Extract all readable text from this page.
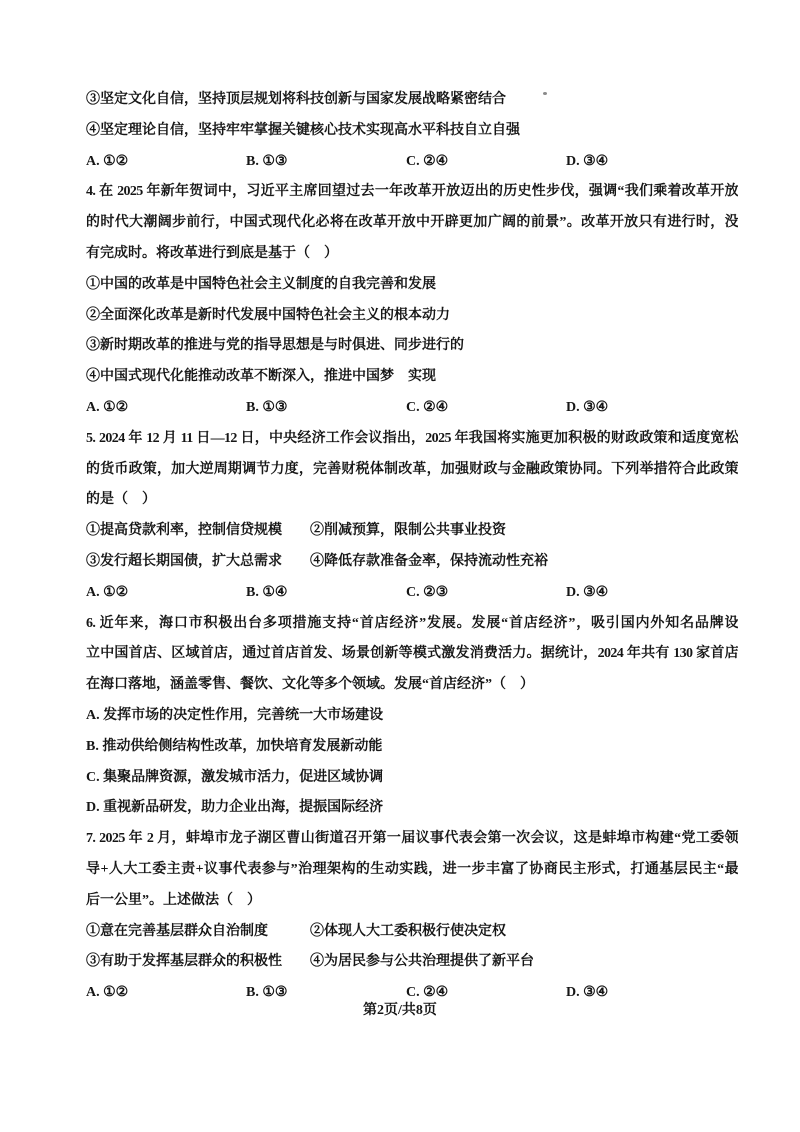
③坚定文化自信，坚持顶层规划将科技创新与国家发展战略紧密结合
④坚定理论自信，坚持牢牢掌握关键核心技术实现高水平科技自立自强
A. ①②	B. ①③	C. ②④	D. ③④
4. 在 2025 年新年贺词中，习近平主席回望过去一年改革开放迈出的历史性步伐，强调“我们乘着改革开放
的时代大潮阔步前行，中国式现代化必将在改革开放中开辟更加广阔的前景”。改革开放只有进行时，没
有完成时。将改革进行到底是基于（　）
①中国的改革是中国特色社会主义制度的自我完善和发展
②全面深化改革是新时代发展中国特色社会主义的根本动力
③新时期改革的推进与党的指导思想是与时俱进、同步进行的
④中国式现代化能推动改革不断深入，推进中国梦　实现
A. ①②	B. ①③	C. ②④	D. ③④
5. 2024 年 12 月 11 日—12 日，中央经济工作会议指出，2025 年我国将实施更加积极的财政政策和适度宽松
的货币政策，加大逆周期调节力度，完善财税体制改革，加强财政与金融政策协同。下列举措符合此政策
的是（　）
①提高贷款利率，控制信贷规模	②削减预算，限制公共事业投资
③发行超长期国债，扩大总需求	④降低存款准备金率，保持流动性充裕
A. ①②	B. ①④	C. ②③	D. ③④
6. 近年来，海口市积极出台多项措施支持“首店经济”发展。发展“首店经济”，吸引国内外知名品牌设
立中国首店、区域首店，通过首店首发、场景创新等模式激发消费活力。据统计，2024 年共有 130 家首店
在海口落地，涵盖零售、餐饮、文化等多个领域。发展“首店经济”（　）
A. 发挥市场的决定性作用，完善统一大市场建设
B. 推动供给侧结构性改革，加快培育发展新动能
C. 集聚品牌资源，激发城市活力，促进区域协调
D. 重视新品研发，助力企业出海，提振国际经济
7. 2025 年 2 月，蚌埠市龙子湖区曹山街道召开第一届议事代表会第一次会议，这是蚌埠市构建“党工委领
导+人大工委主责+议事代表参与”治理架构的生动实践，进一步丰富了协商民主形式，打通基层民主“最
后一公里”。上述做法（　）
①意在完善基层群众自治制度	②体现人大工委积极行使决定权
③有助于发挥基层群众的积极性	④为居民参与公共治理提供了新平台
A. ①②	B. ①③	C. ②④	D. ③④
第2页/共8页
